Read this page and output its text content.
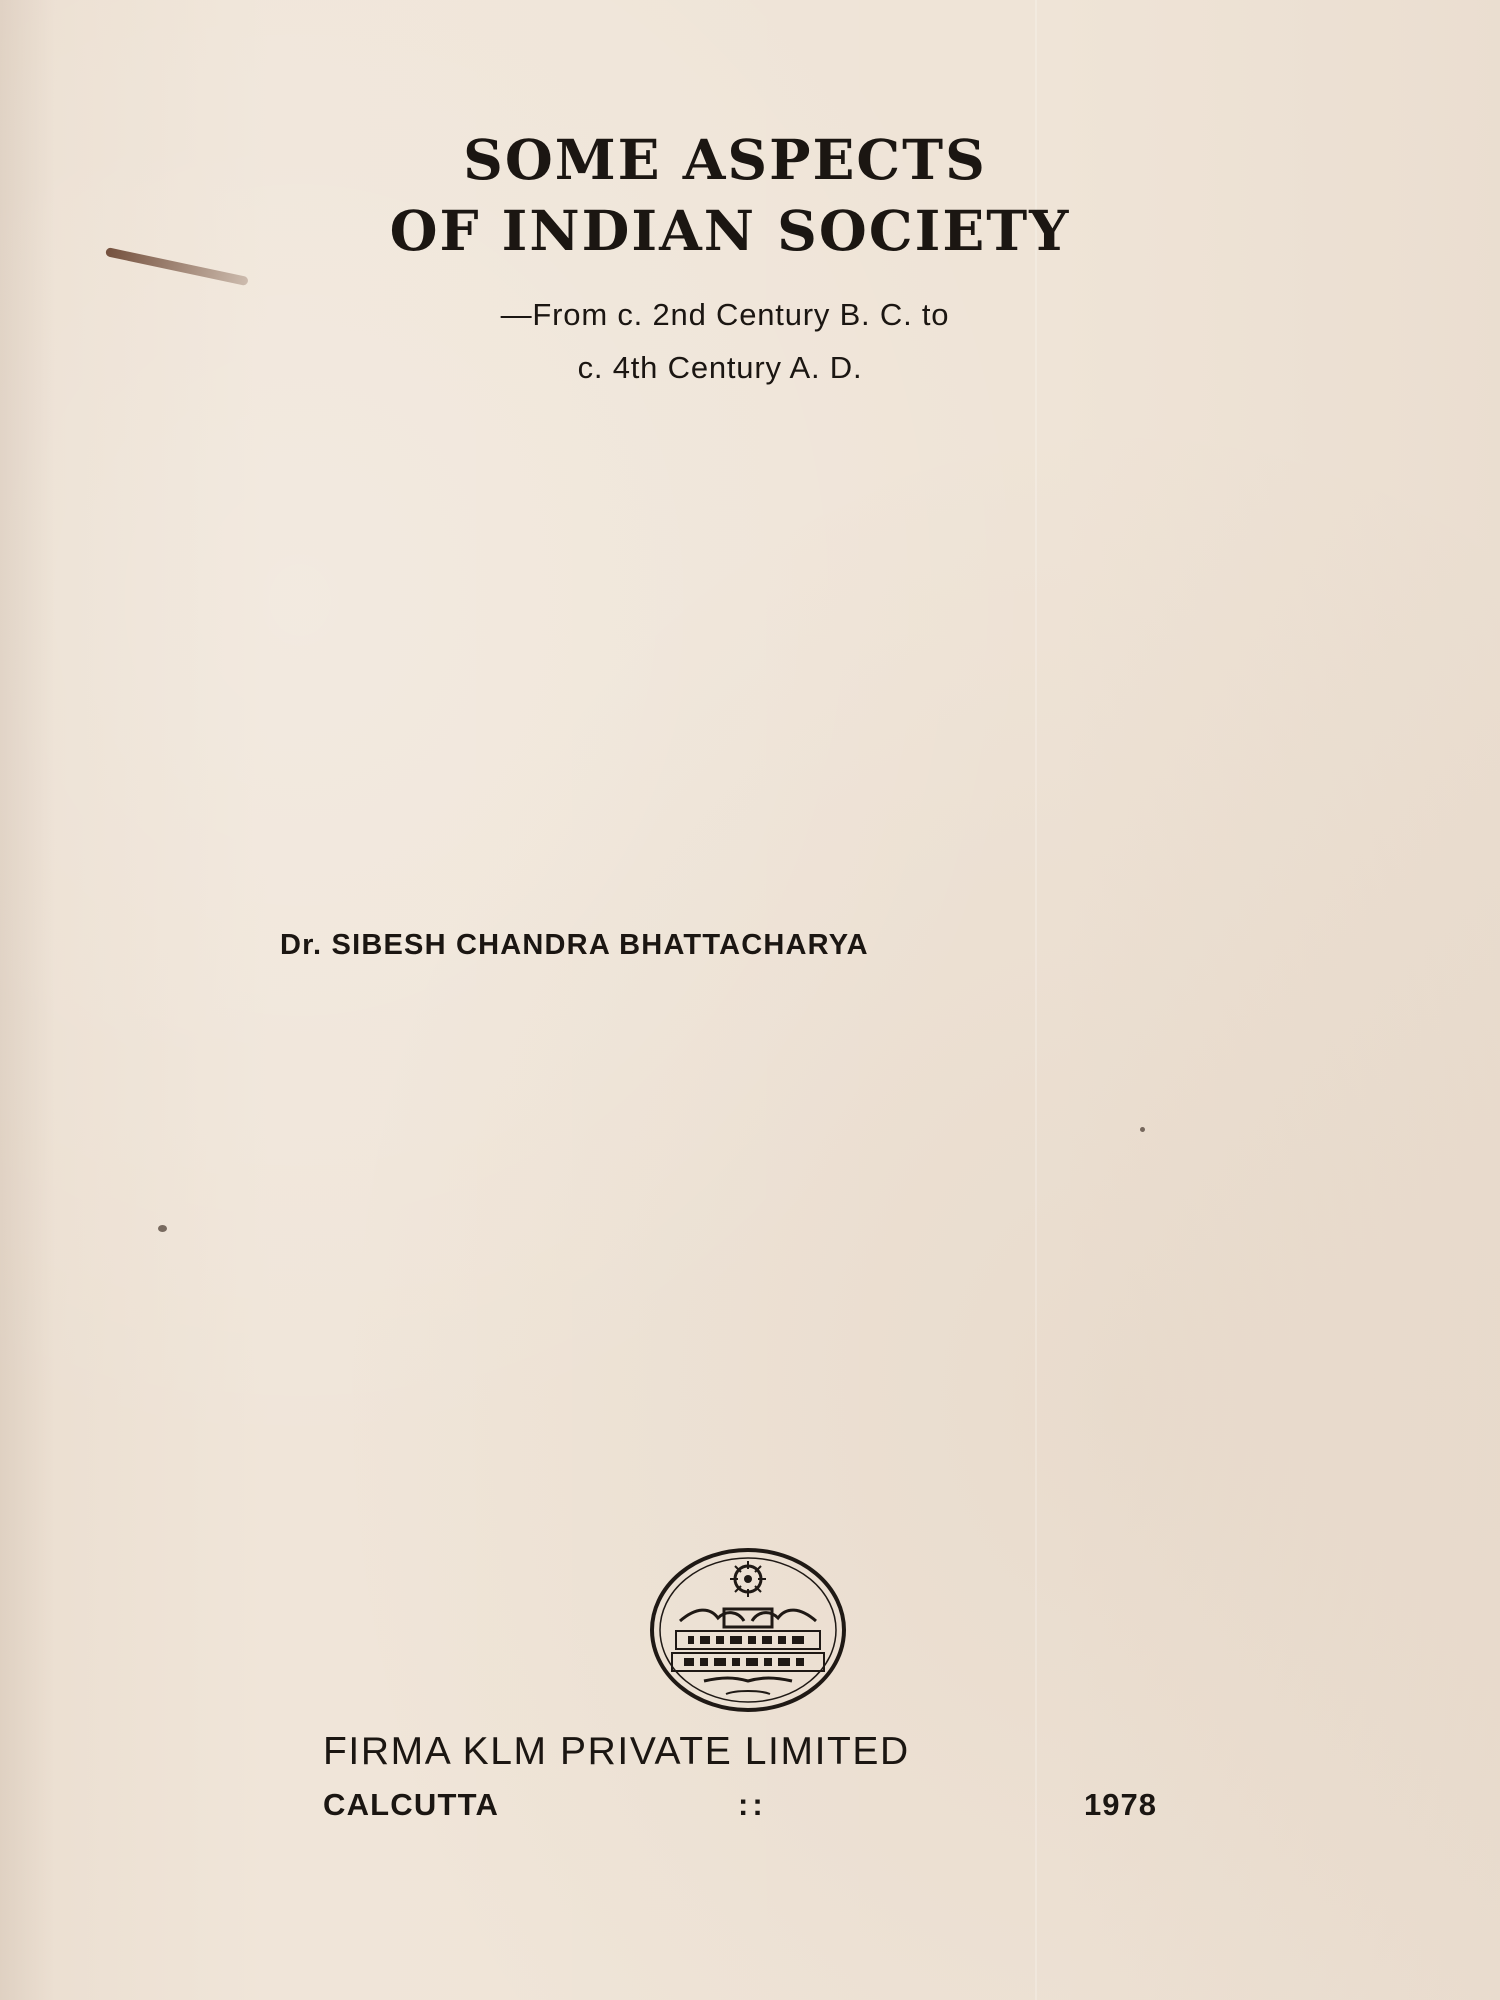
SOME ASPECTS
OF INDIAN SOCIETY
—From c. 2nd Century B. C. to
c. 4th Century A. D.
Dr. SIBESH CHANDRA BHATTACHARYA
FIRMA KLM PRIVATE LIMITED
CALCUTTA	::	1978
